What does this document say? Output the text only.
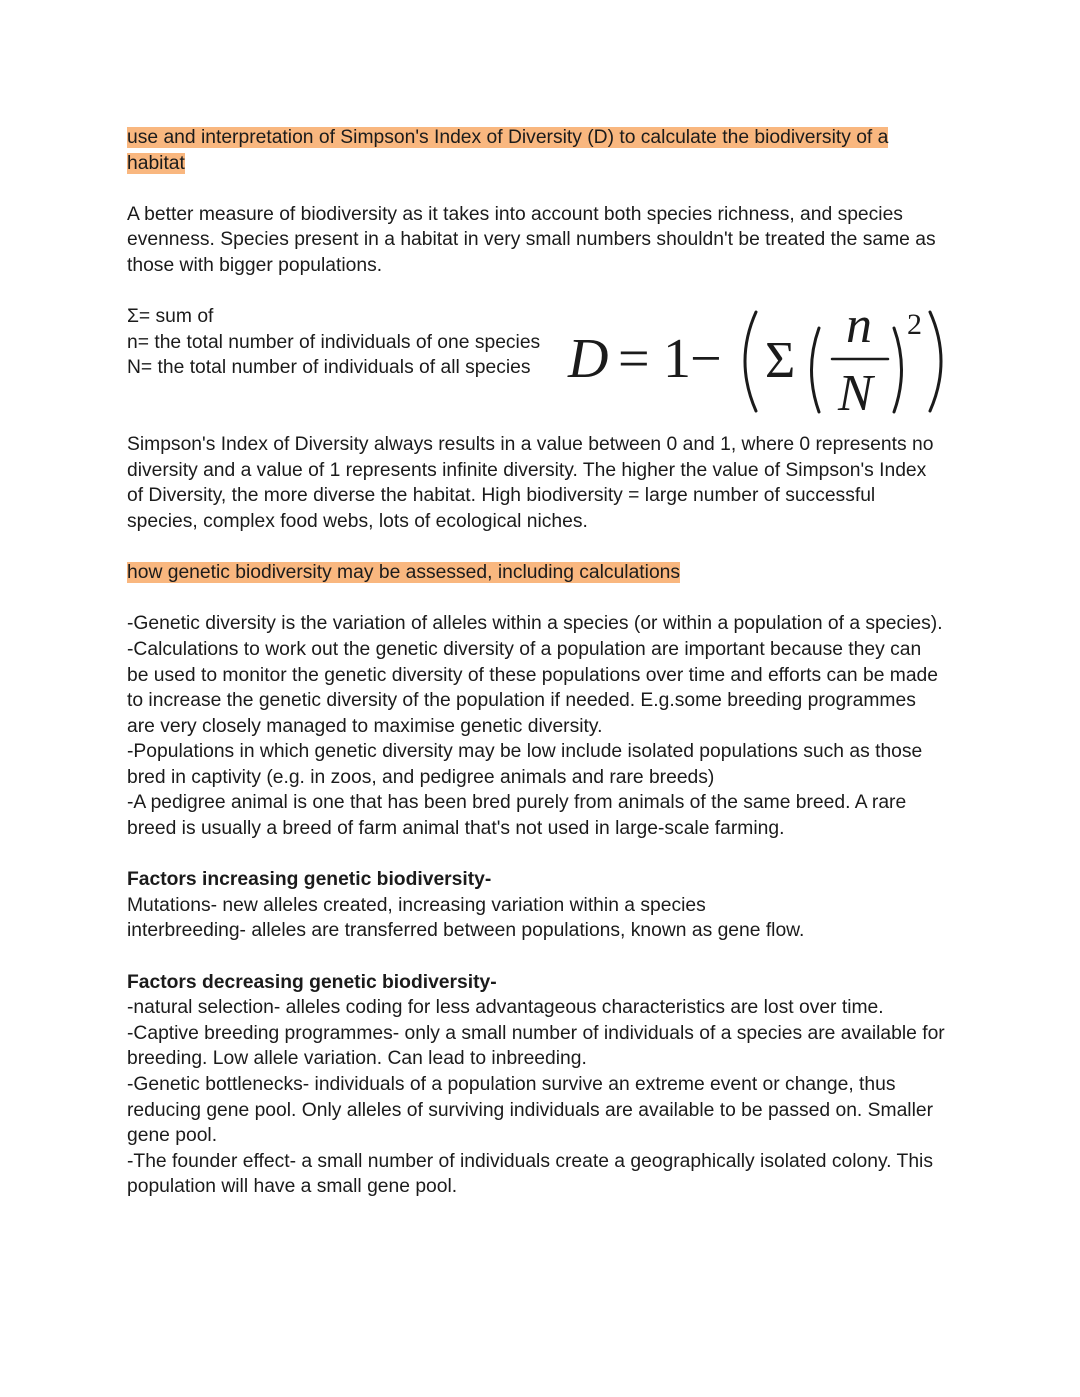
use and interpretation of Simpson's Index of Diversity (D) to calculate the biodiversity of a
habitat

A better measure of biodiversity as it takes into account both species richness, and species
evenness. Species present in a habitat in very small numbers shouldn't be treated the same as
those with bigger populations.

Σ= sum of
n= the total number of individuals of one species
N= the total number of individuals of all species D = 1 − Σ
n
N
2

Simpson's Index of Diversity always results in a value between 0 and 1, where 0 represents no
diversity and a value of 1 represents infinite diversity. The higher the value of Simpson's Index
of Diversity, the more diverse the habitat. High biodiversity = large number of successful
species, complex food webs, lots of ecological niches.

how genetic biodiversity may be assessed, including calculations

-Genetic diversity is the variation of alleles within a species (or within a population of a species).
-Calculations to work out the genetic diversity of a population are important because they can
be used to monitor the genetic diversity of these populations over time and efforts can be made
to increase the genetic diversity of the population if needed. E.g.some breeding programmes
are very closely managed to maximise genetic diversity.
-Populations in which genetic diversity may be low include isolated populations such as those
bred in captivity (e.g. in zoos, and pedigree animals and rare breeds)
-A pedigree animal is one that has been bred purely from animals of the same breed. A rare
breed is usually a breed of farm animal that's not used in large-scale farming.

Factors increasing genetic biodiversity-
Mutations- new alleles created, increasing variation within a species
interbreeding- alleles are transferred between populations, known as gene flow.

Factors decreasing genetic biodiversity-
-natural selection- alleles coding for less advantageous characteristics are lost over time.
-Captive breeding programmes- only a small number of individuals of a species are available for
breeding. Low allele variation. Can lead to inbreeding.
-Genetic bottlenecks- individuals of a population survive an extreme event or change, thus
reducing gene pool. Only alleles of surviving individuals are available to be passed on. Smaller
gene pool.
-The founder effect- a small number of individuals create a geographically isolated colony. This
population will have a small gene pool.
